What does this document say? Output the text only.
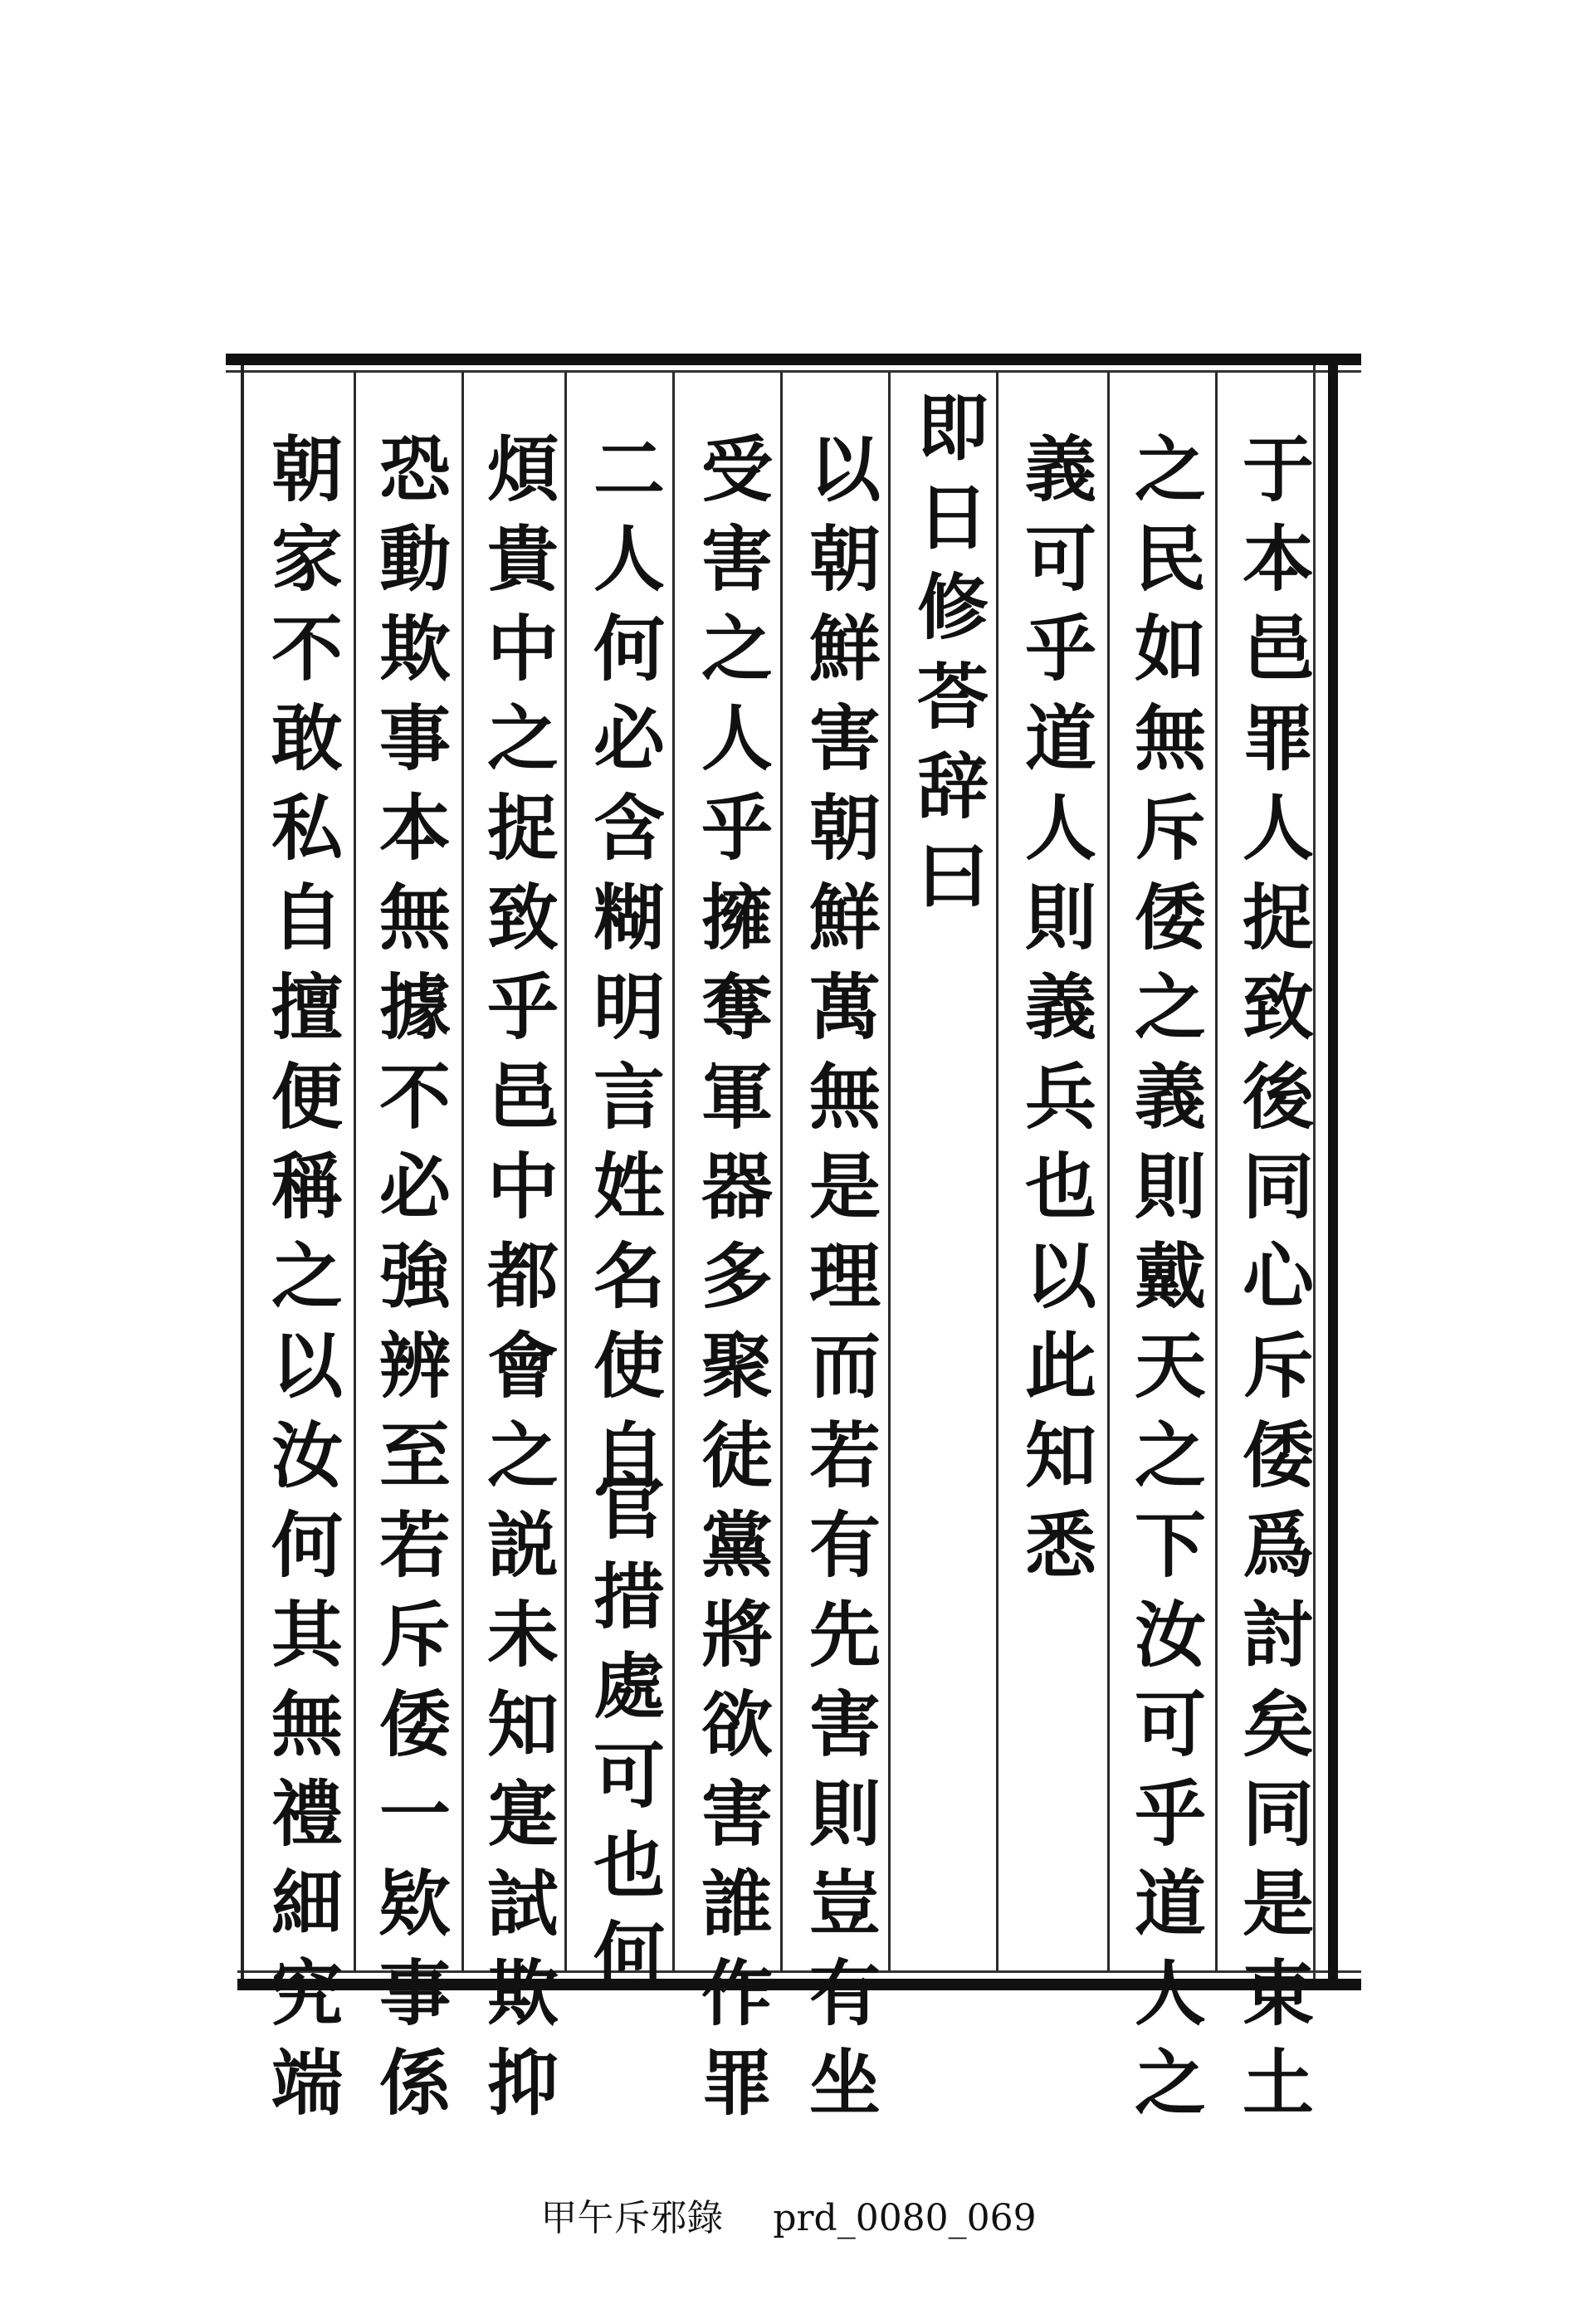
于本邑罪人捉致後同心斥倭爲討矣同是東土
之民如無斥倭之義則戴天之下汝可乎道人之
義可乎道人則義兵也以此知悉
即日修荅辞曰
以朝鮮害朝鮮萬無是理而若有先害則豈有坐
受害之人乎擁奪軍器多聚徒黨將欲害誰作罪
二人何必含糊明言姓名使自
官措處可也何
煩貴中之捉致乎邑中都會之説未知寔試欺抑
恐動欺事本無據不必強辨至若斥倭一欵事係
朝家不敢私自擅便稱之以汝何其無禮細究端
甲午斥邪錄 prd_0080_069
